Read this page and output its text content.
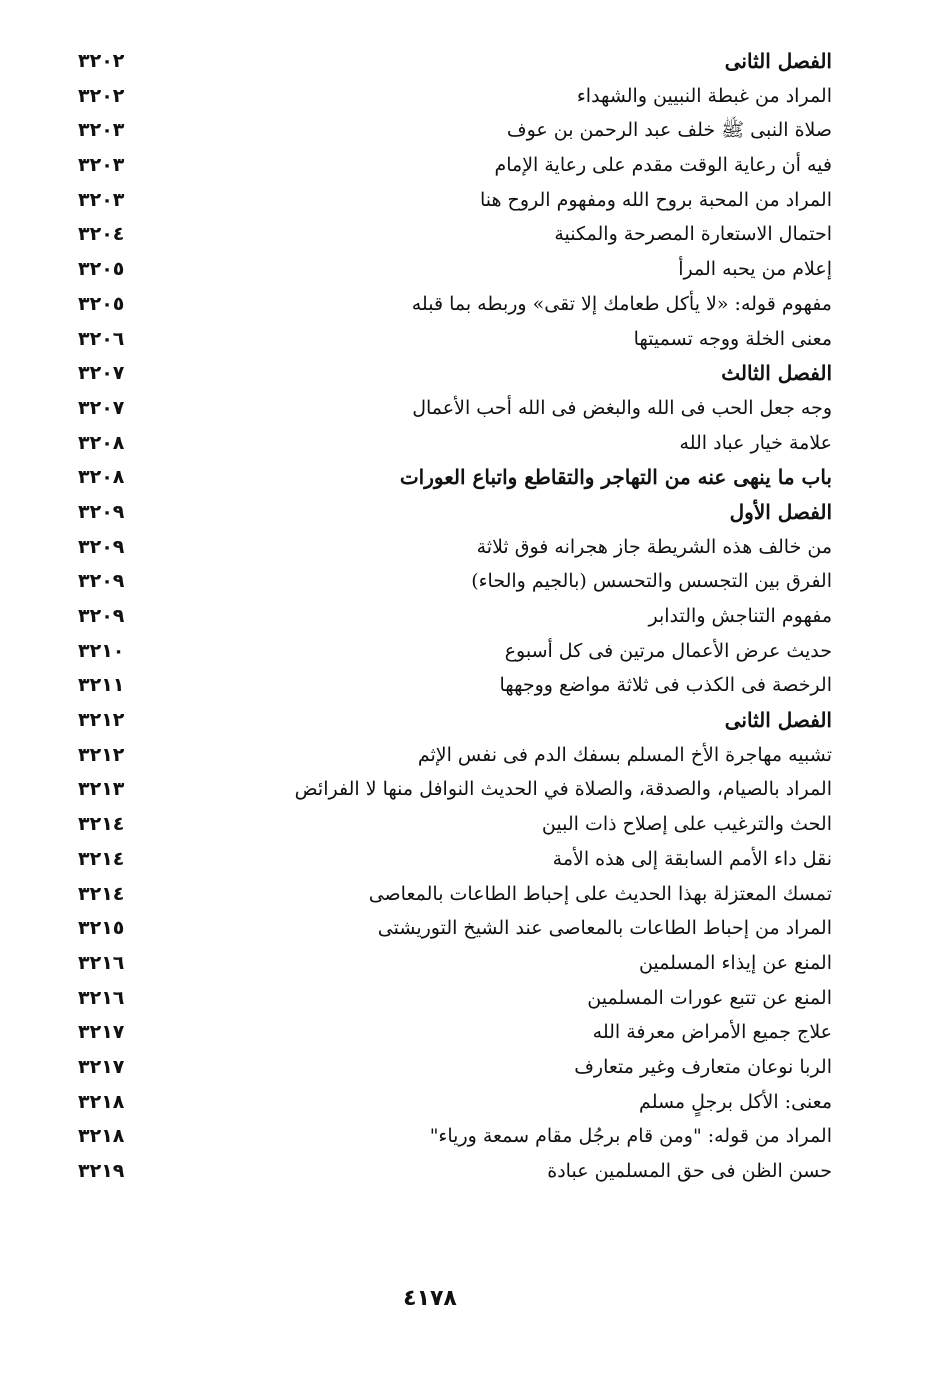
الفصل الثانى
٣٢٠٢
المراد من غبطة النبيين والشهداء
٣٢٠٢
صلاة النبى ﷺ خلف عبد الرحمن بن عوف
٣٢٠٣
فيه أن رعاية الوقت مقدم على رعاية الإمام
٣٢٠٣
المراد من المحبة بروح الله ومفهوم الروح هنا
٣٢٠٣
احتمال الاستعارة المصرحة والمكنية
٣٢٠٤
إعلام من يحبه المرأ
٣٢٠٥
مفهوم قوله: «لا يأكل طعامك إلا تقى» وربطه بما قبله
٣٢٠٥
معنى الخلة ووجه تسميتها
٣٢٠٦
الفصل الثالث
٣٢٠٧
وجه جعل الحب فى الله والبغض فى الله أحب الأعمال
٣٢٠٧
علامة خيار عباد الله
٣٢٠٨
باب ما ينهى عنه من التهاجر والتقاطع واتباع العورات
٣٢٠٨
الفصل الأول
٣٢٠٩
من خالف هذه الشريطة جاز هجرانه فوق ثلاثة
٣٢٠٩
الفرق بين التجسس والتحسس (بالجيم والحاء)
٣٢٠٩
مفهوم التناجش والتدابر
٣٢٠٩
حديث عرض الأعمال مرتين فى كل أسبوع
٣٢١٠
الرخصة فى الكذب فى ثلاثة مواضع ووجهها
٣٢١١
الفصل الثانى
٣٢١٢
تشبيه مهاجرة الأخ المسلم بسفك الدم فى نفس الإثم
٣٢١٢
المراد بالصيام، والصدقة، والصلاة في الحديث النوافل منها لا الفرائض
٣٢١٣
الحث والترغيب على إصلاح ذات البين
٣٢١٤
نقل داء الأمم السابقة إلى هذه الأمة
٣٢١٤
تمسك المعتزلة بهذا الحديث على إحباط الطاعات بالمعاصى
٣٢١٤
المراد من إحباط الطاعات بالمعاصى عند الشيخ التوريشتى
٣٢١٥
المنع عن إيذاء المسلمين
٣٢١٦
المنع عن تتبع عورات المسلمين
٣٢١٦
علاج جميع الأمراض معرفة الله
٣٢١٧
الربا نوعان متعارف وغير متعارف
٣٢١٧
معنى: الأكل برجلٍ مسلم
٣٢١٨
المراد من قوله: "ومن قام برجُل مقام سمعة ورياء"
٣٢١٨
حسن الظن فى حق المسلمين عبادة
٣٢١٩
٤١٧٨
